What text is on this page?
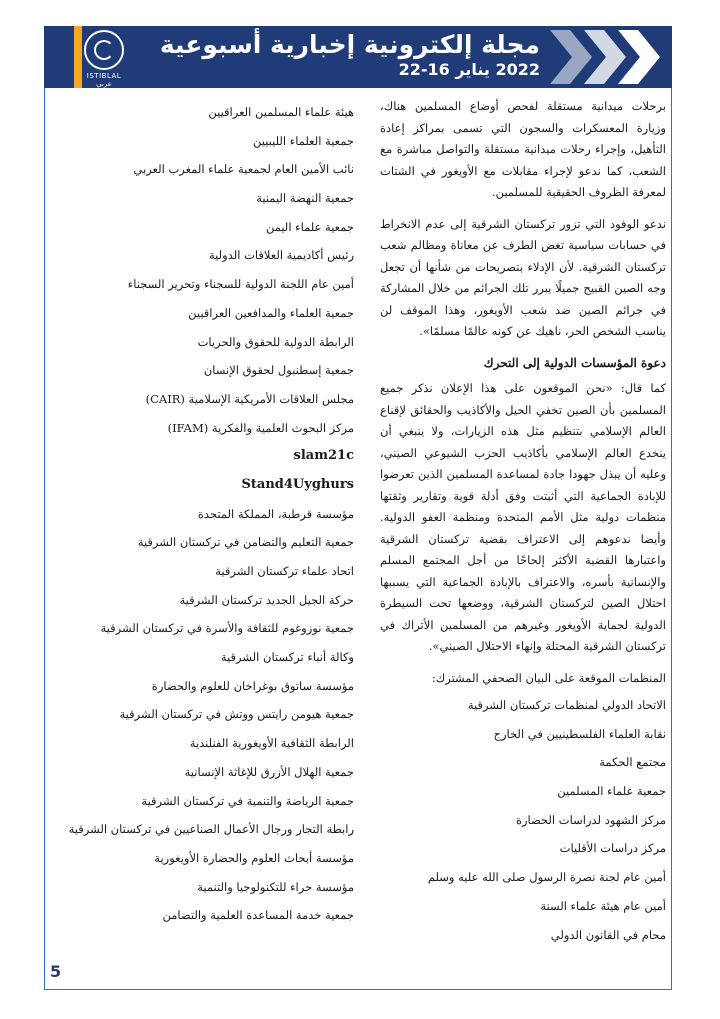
ISTIBLAL عربي
مجلة إلكترونية إخبارية أسبوعية
2022 يناير 16-22

برحلات ميدانية مستقلة لفحص أوضاع المسلمين هناك، وزيارة المعسكرات والسجون التي تسمى بمراكز إعادة التأهيل، وإجراء رحلات ميدانية مستقلة والتواصل مباشرة مع الشعب، كما ندعو لإجراء مقابلات مع الأويغور في الشتات لمعرفة الظروف الحقيقية للمسلمين.

ندعو الوفود التي تزور تركستان الشرقية إلى عدم الانخراط في حسابات سياسية تغض الطرف عن معاناة ومظالم شعب تركستان الشرقية. لأن الإدلاء بتصريحات من شأنها أن تجعل وجه الصين القبيح جميلًا يبرر تلك الجرائم من خلال المشاركة في جرائم الصين ضد شعب الأويغور، وهذا الموقف لن يناسب الشخص الحر، ناهيك عن كونه عالمًا مسلمًا».

دعوة المؤسسات الدولية إلى التحرك

كما قال: «نحن الموقعون على هذا الإعلان نذكر جميع المسلمين بأن الصين تخفي الحيل والأكاذيب والحقائق لإقناع العالم الإسلامي بتنظيم مثل هذه الزيارات، ولا ينبغي أن ينخدع العالم الإسلامي بأكاذيب الحزب الشيوعي الصيني، وعليه أن يبذل جهودا جادة لمساعدة المسلمين الذين تعرضوا للإبادة الجماعية التي أثبتت وفق أدلة قوية وتقارير وثقتها منظمات دولية مثل الأمم المتحدة ومنظمة العفو الدولية. وأيضا ندعوهم إلى الاعتراف بقضية تركستان الشرقية واعتبارها القضية الأكثر إلحاحًا من أجل المجتمع المسلم والإنسانية بأسره، والاعتراف بالإبادة الجماعية التي يسببها احتلال الصين لتركستان الشرقية، ووضعها تحت السيطرة الدولية لحماية الأويغور وغيرهم من المسلمين الأتراك في تركستان الشرقية المحتلة وإنهاء الاحتلال الصيني».

المنظمات الموقعة على البيان الصحفي المشترك:
الاتحاد الدولي لمنظمات تركستان الشرقية
نقابة العلماء الفلسطينيين في الخارج
مجتمع الحكمة
جمعية علماء المسلمين
مركز الشهود لدراسات الحضارة
مركز دراسات الأقليات
أمين عام لجنة نصرة الرسول صلى الله عليه وسلم
أمين عام هيئة علماء السنة
محام في القانون الدولي
هيئة علماء المسلمين العراقيين
جمعية العلماء الليبيين
نائب الأمين العام لجمعية علماء المغرب العربي
جمعية النهضة اليمنية
جمعية علماء اليمن
رئيس أكاديمية العلاقات الدولية
أمين عام اللجنة الدولية للسجناء وتحرير السجناء
جمعية العلماء والمدافعين العراقيين
الرابطة الدولية للحقوق والحريات
جمعية إسطنبول لحقوق الإنسان
مجلس العلاقات الأمريكية الإسلامية (CAIR)
مركز البحوث العلمية والفكرية (IFAM)
slam21c
Stand4Uyghurs
مؤسسة قرطبة، المملكة المتحدة
جمعية التعليم والتضامن في تركستان الشرقية
اتحاد علماء تركستان الشرقية
حركة الجيل الجديد تركستان الشرقية
جمعية نوزوغوم للثقافة والأسرة في تركستان الشرقية
وكالة أنباء تركستان الشرقية
مؤسسة ساتوق بوغراخان للعلوم والحضارة
جمعية هيومن رايتس ووتش في تركستان الشرقية
الرابطة الثقافية الأويغورية الفنلندية
جمعية الهلال الأزرق للإغاثة الإنسانية
جمعية الرياضة والتنمية في تركستان الشرقية
رابطة التجار ورجال الأعمال الصناعيين في تركستان الشرقية
مؤسسة أبحاث العلوم والحضارة الأويغورية
مؤسسة حراء للتكنولوجيا والتنمية
جمعية خدمة المساعدة العلمية والتضامن
5
